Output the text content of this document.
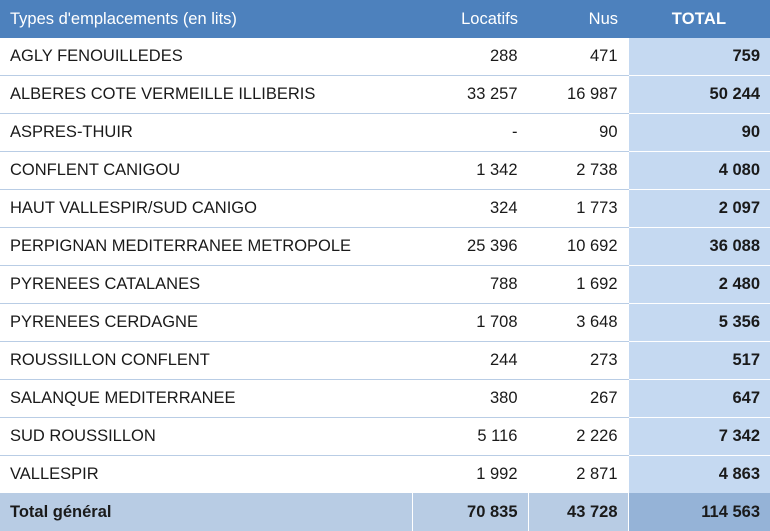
Types d'emplacements (en lits)	Locatifs	Nus	TOTAL
AGLY FENOUILLEDES	288	471	759
ALBERES COTE VERMEILLE ILLIBERIS	33 257	16 987	50 244
ASPRES-THUIR	-	90	90
CONFLENT CANIGOU	1 342	2 738	4 080
HAUT VALLESPIR/SUD CANIGO	324	1 773	2 097
PERPIGNAN MEDITERRANEE METROPOLE	25 396	10 692	36 088
PYRENEES CATALANES	788	1 692	2 480
PYRENEES CERDAGNE	1 708	3 648	5 356
ROUSSILLON CONFLENT	244	273	517
SALANQUE MEDITERRANEE	380	267	647
SUD ROUSSILLON	5 116	2 226	7 342
VALLESPIR	1 992	2 871	4 863
Total général	70 835	43 728	114 563
